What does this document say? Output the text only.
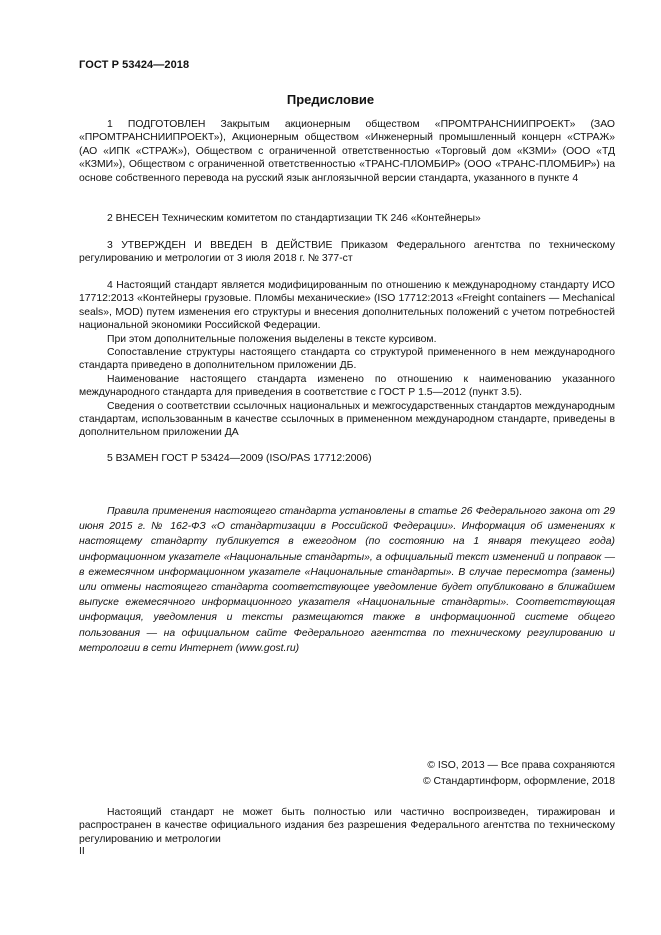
ГОСТ Р 53424—2018
Предисловие

1 ПОДГОТОВЛЕН Закрытым акционерным обществом «ПРОМТРАНСНИИПРОЕКТ» (ЗАО «ПРОМТРАНСНИИПРОЕКТ»), Акционерным обществом «Инженерный промышленный концерн «СТРАЖ» (АО «ИПК «СТРАЖ»), Обществом с ограниченной ответственностью «Торговый дом «КЗМИ» (ООО «ТД «КЗМИ»), Обществом с ограниченной ответственностью «ТРАНС-ПЛОМБИР» (ООО «ТРАНС-ПЛОМБИР») на основе собственного перевода на русский язык англоязычной версии стандарта, указанного в пункте 4

2 ВНЕСЕН Техническим комитетом по стандартизации ТК 246 «Контейнеры»

3 УТВЕРЖДЕН И ВВЕДЕН В ДЕЙСТВИЕ Приказом Федерального агентства по техническому регулированию и метрологии от 3 июля 2018 г. № 377-ст

4 Настоящий стандарт является модифицированным по отношению к международному стандарту ИСО 17712:2013 «Контейнеры грузовые. Пломбы механические» (ISO 17712:2013 «Freight containers — Mechanical seals», MOD) путем изменения его структуры и внесения дополнительных положений с учетом потребностей национальной экономики Российской Федерации.

При этом дополнительные положения выделены в тексте курсивом.

Сопоставление структуры настоящего стандарта со структурой примененного в нем международного стандарта приведено в дополнительном приложении ДБ.

Наименование настоящего стандарта изменено по отношению к наименованию указанного международного стандарта для приведения в соответствие с ГОСТ Р 1.5—2012 (пункт 3.5).

Сведения о соответствии ссылочных национальных и межгосударственных стандартов международным стандартам, использованным в качестве ссылочных в примененном международном стандарте, приведены в дополнительном приложении ДА

5 ВЗАМЕН ГОСТ Р 53424—2009 (ISO/PAS 17712:2006)

Правила применения настоящего стандарта установлены в статье 26 Федерального закона от 29 июня 2015 г. № 162-ФЗ «О стандартизации в Российской Федерации». Информация об изменениях к настоящему стандарту публикуется в ежегодном (по состоянию на 1 января текущего года) информационном указателе «Национальные стандарты», а официальный текст изменений и поправок — в ежемесячном информационном указателе «Национальные стандарты». В случае пересмотра (замены) или отмены настоящего стандарта соответствующее уведомление будет опубликовано в ближайшем выпуске ежемесячного информационного указателя «Национальные стандарты». Соответствующая информация, уведомления и тексты размещаются также в информационной системе общего пользования — на официальном сайте Федерального агентства по техническому регулированию и метрологии в сети Интернет (www.gost.ru)

© ISO, 2013 — Все права сохраняются
© Стандартинформ, оформление, 2018

Настоящий стандарт не может быть полностью или частично воспроизведен, тиражирован и распространен в качестве официального издания без разрешения Федерального агентства по техническому регулированию и метрологии

II
